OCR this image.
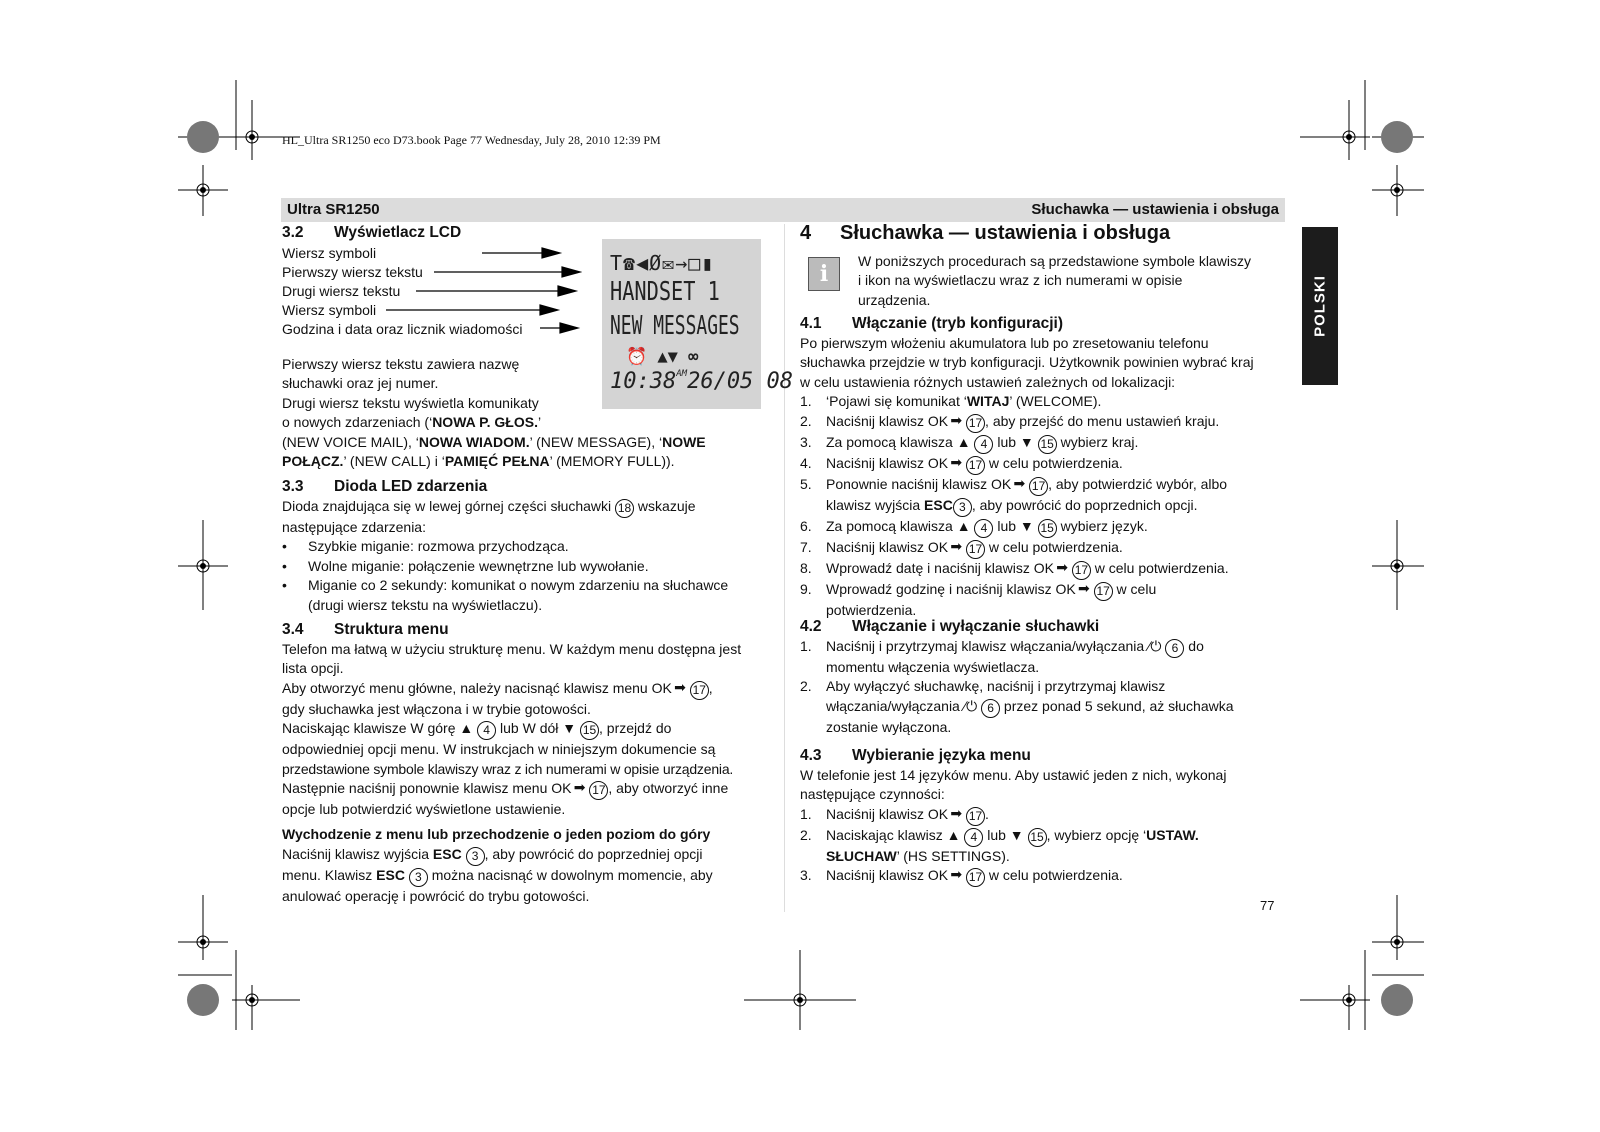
HL_Ultra SR1250 eco D73.book Page 77 Wednesday, July 28, 2010 12:39 PM
Ultra SR1250	Słuchawka — ustawienia i obsługa
POLSKI
3.2 Wyświetlacz LCD
Wiersz symboli
Pierwszy wiersz tekstu
Drugi wiersz tekstu
Wiersz symboli
Godzina i data oraz licznik wiadomości
T☎◀Ø✉→□▮
HANDSET 1
NEW MESSAGES
⏰ ▲▼ ∞
$10:38^{AM}26/05$ 08
Pierwszy wiersz tekstu zawiera nazwę
słuchawki oraz jej numer.
Drugi wiersz tekstu wyświetla komunikaty
o nowych zdarzeniach (‘NOWA P. GŁOS.’
(NEW VOICE MAIL), ‘NOWA WIADOM.’ (NEW MESSAGE), ‘NOWE
POŁĄCZ.’ (NEW CALL) i ‘PAMIĘĆ PEŁNA’ (MEMORY FULL)).
3.3 Dioda LED zdarzenia
Dioda znajdująca się w lewej górnej części słuchawki 18 wskazuje
następujące zdarzenia:
• Szybkie miganie: rozmowa przychodząca.
• Wolne miganie: połączenie wewnętrzne lub wywołanie.
• Miganie co 2 sekundy: komunikat o nowym zdarzeniu na słuchawce
(drugi wiersz tekstu na wyświetlaczu).
3.4 Struktura menu
Telefon ma łatwą w użyciu strukturę menu. W każdym menu dostępna jest
lista opcji.
Aby otworzyć menu główne, należy nacisnąć klawisz menu OK ➡ 17 ,
gdy słuchawka jest włączona i w trybie gotowości.
Naciskając klawisze W górę ▲ 4 lub W dół ▼ 15 , przejdź do
odpowiedniej opcji menu. W instrukcjach w niniejszym dokumencie są
przedstawione symbole klawiszy wraz z ich numerami w opisie urządzenia.
Następnie naciśnij ponownie klawisz menu OK ➡ 17 , aby otworzyć inne
opcje lub potwierdzić wyświetlone ustawienie.
Wychodzenie z menu lub przechodzenie o jeden poziom do góry
Naciśnij klawisz wyjścia ESC 3 , aby powrócić do poprzedniej opcji
menu. Klawisz ESC 3 można nacisnąć w dowolnym momencie, aby
anulować operację i powrócić do trybu gotowości.
4 Słuchawka — ustawienia i obsługa
i W poniższych procedurach są przedstawione symbole klawiszy
i ikon na wyświetlaczu wraz z ich numerami w opisie
urządzenia.
4.1 Włączanie (tryb konfiguracji)
Po pierwszym włożeniu akumulatora lub po zresetowaniu telefonu
słuchawka przejdzie w tryb konfiguracji. Użytkownik powinien wybrać kraj
w celu ustawienia różnych ustawień zależnych od lokalizacji:
1. ‘Pojawi się komunikat ‘WITAJ’ (WELCOME).
2. Naciśnij klawisz OK ➡ 17 , aby przejść do menu ustawień kraju.
3. Za pomocą klawisza ▲ 4 lub ▼ 15 wybierz kraj.
4. Naciśnij klawisz OK ➡ 17 w celu potwierdzenia.
5. Ponownie naciśnij klawisz OK ➡ 17 , aby potwierdzić wybór, albo
klawisz wyjścia ESC 3 , aby powrócić do poprzednich opcji.
6. Za pomocą klawisza ▲ 4 lub ▼ 15 wybierz język.
7. Naciśnij klawisz OK ➡ 17 w celu potwierdzenia.
8. Wprowadź datę i naciśnij klawisz OK ➡ 17 w celu potwierdzenia.
9. Wprowadź godzinę i naciśnij klawisz OK ➡ 17 w celu
potwierdzenia.
4.2 Włączanie i wyłączanie słuchawki
1. Naciśnij i przytrzymaj klawisz włączania/wyłączania ∕⏻ 6 do
momentu włączenia wyświetlacza.
2. Aby wyłączyć słuchawkę, naciśnij i przytrzymaj klawisz
włączania/wyłączania ∕⏻ 6 przez ponad 5 sekund, aż słuchawka
zostanie wyłączona.
4.3 Wybieranie języka menu
W telefonie jest 14 języków menu. Aby ustawić jeden z nich, wykonaj
następujące czynności:
1. Naciśnij klawisz OK ➡ 17 .
2. Naciskając klawisz ▲ 4 lub ▼ 15 , wybierz opcję ‘USTAW.
SŁUCHAW’ (HS SETTINGS).
3. Naciśnij klawisz OK ➡ 17 w celu potwierdzenia.
77
